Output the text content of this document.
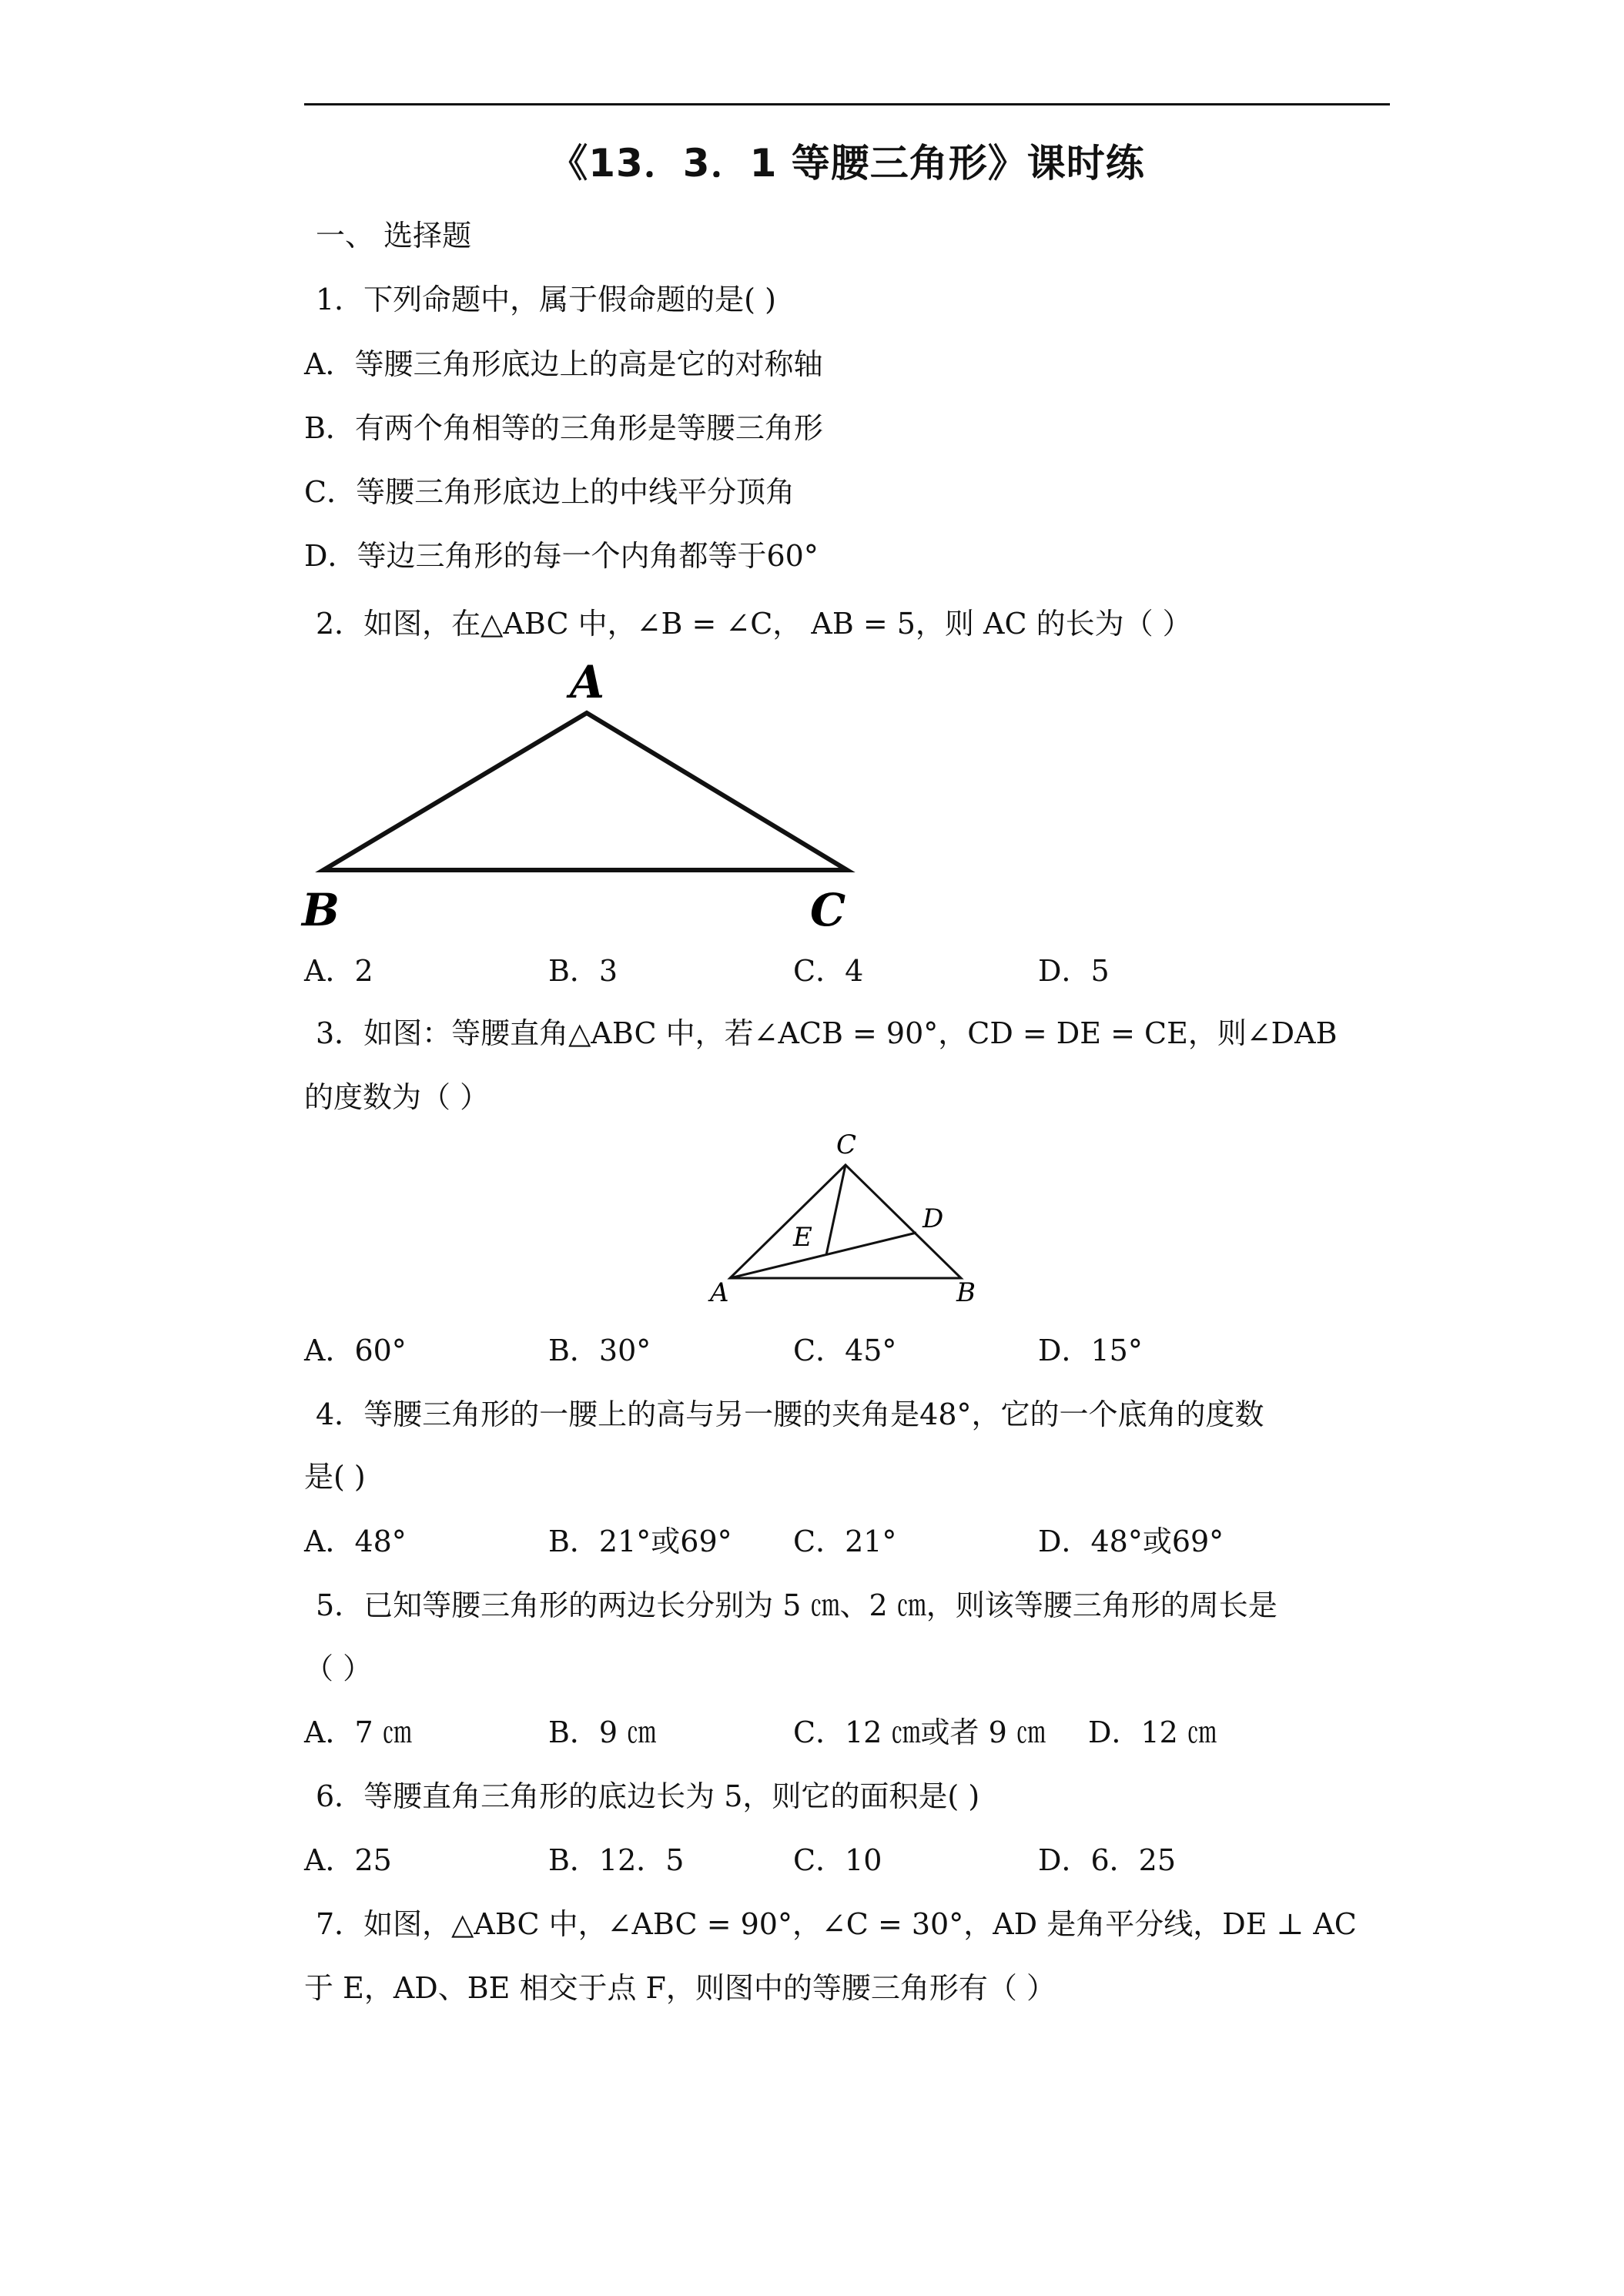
《13．3．1 等腰三角形》课时练
一、 选择题
1．下列命题中，属于假命题的是( )
A．等腰三角形底边上的高是它的对称轴
B．有两个角相等的三角形是等腰三角形
C．等腰三角形底边上的中线平分顶角
D．等边三角形的每一个内角都等于60°
2．如图，在△ABC 中，∠B = ∠C， AB = 5，则 AC 的长为（ ）
A
B	C
A．2	B．3	C．4	D．5
3．如图：等腰直角△ABC 中，若∠ACB = 90°，CD = DE = CE，则∠DAB
的度数为（ ）
C
D
E
A	B
A．60°	B．30°	C．45°	D．15°
4．等腰三角形的一腰上的高与另一腰的夹角是48°，它的一个底角的度数
是( )
A．48°	B．21°或69° C．21°	D．48°或69°
5．已知等腰三角形的两边长分别为 5 ㎝、2 ㎝，则该等腰三角形的周长是
（ ）
A．7 ㎝	B．9 ㎝	C．12 ㎝或者 9 ㎝ D．12 ㎝
6．等腰直角三角形的底边长为 5，则它的面积是( )
A．25	B．12．5	C．10	D．6．25
7．如图，△ABC 中，∠ABC = 90°，∠C = 30°，AD 是角平分线，DE ⊥ AC
于 E，AD、BE 相交于点 F，则图中的等腰三角形有（ ）
